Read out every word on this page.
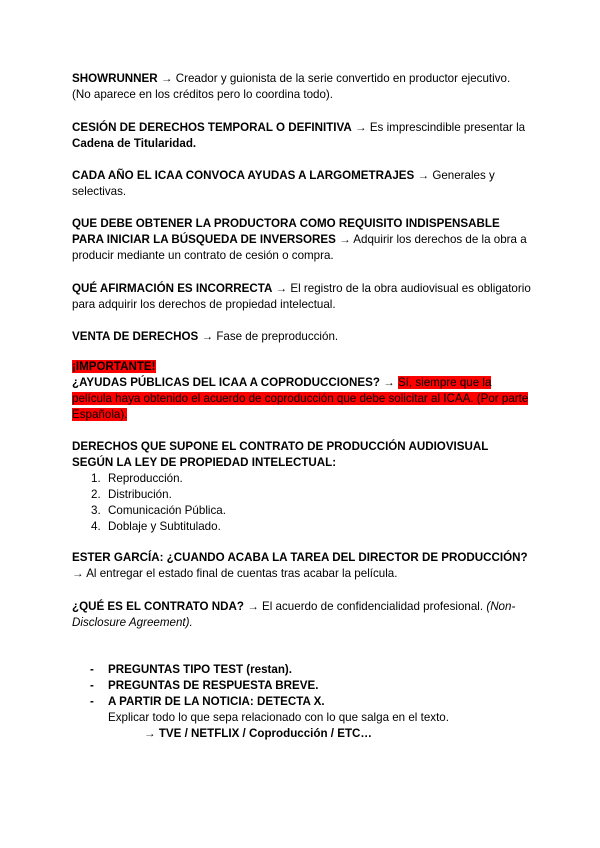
SHOWRUNNER → Creador y guionista de la serie convertido en productor ejecutivo. (No aparece en los créditos pero lo coordina todo).

CESIÓN DE DERECHOS TEMPORAL O DEFINITIVA → Es imprescindible presentar la Cadena de Titularidad.

CADA AÑO EL ICAA CONVOCA AYUDAS A LARGOMETRAJES → Generales y selectivas.

QUE DEBE OBTENER LA PRODUCTORA COMO REQUISITO INDISPENSABLE PARA INICIAR LA BÚSQUEDA DE INVERSORES → Adquirir los derechos de la obra a producir mediante un contrato de cesión o compra.

QUÉ AFIRMACIÓN ES INCORRECTA → El registro de la obra audiovisual es obligatorio para adquirir los derechos de propiedad intelectual.

VENTA DE DERECHOS → Fase de preproducción.

¡IMPORTANTE!
¿AYUDAS PÚBLICAS DEL ICAA A COPRODUCCIONES? → Sí, siempre que la película haya obtenido el acuerdo de coproducción que debe solicitar al ICAA. (Por parte Española).

DERECHOS QUE SUPONE EL CONTRATO DE PRODUCCIÓN AUDIOVISUAL SEGÚN LA LEY DE PROPIEDAD INTELECTUAL:

1. Reproducción.
2. Distribución.
3. Comunicación Pública.
4. Doblaje y Subtitulado.

ESTER GARCÍA: ¿CUANDO ACABA LA TAREA DEL DIRECTOR DE PRODUCCIÓN? → Al entregar el estado final de cuentas tras acabar la película.

¿QUÉ ES EL CONTRATO NDA? → El acuerdo de confidencialidad profesional. (Non-Disclosure Agreement).

- PREGUNTAS TIPO TEST (restan).
- PREGUNTAS DE RESPUESTA BREVE.
- A PARTIR DE LA NOTICIA: DETECTA X.
Explicar todo lo que sepa relacionado con lo que salga en el texto.
→ TVE / NETFLIX / Coproducción / ETC…
